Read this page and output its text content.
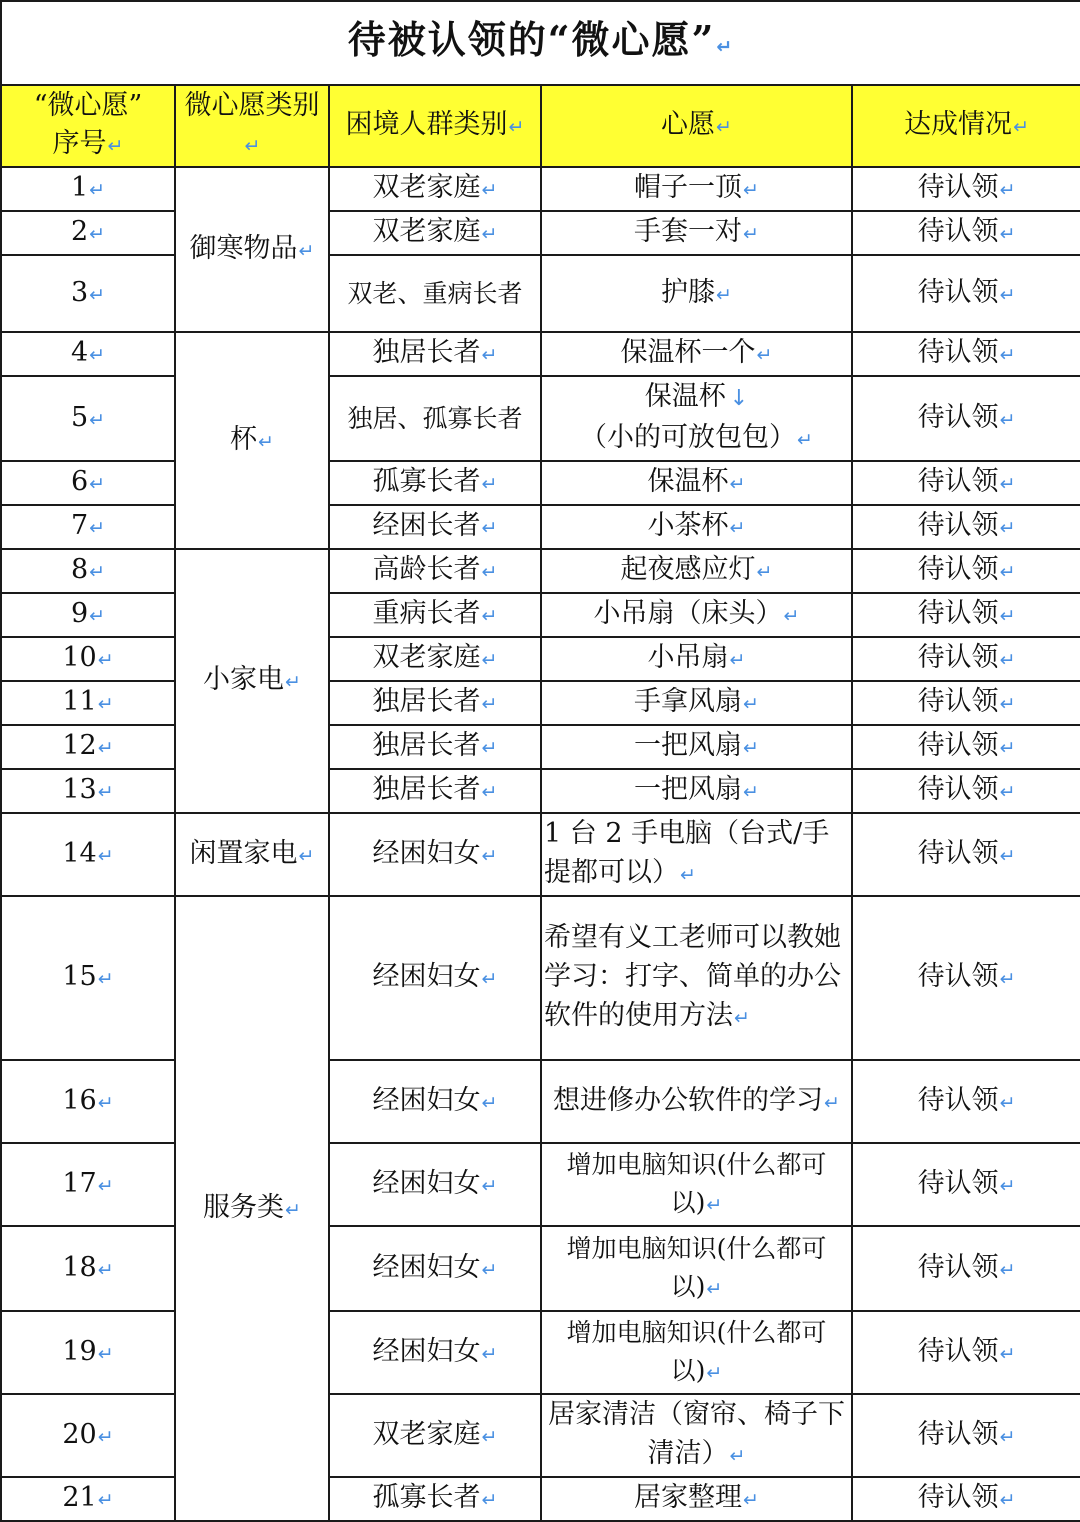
待被认领的“微心愿” ↵
“微心愿”
序号 ↵	微心愿类别 ↵	困境人群类别 ↵	心愿 ↵	达成情况 ↵
1 ↵	御寒物品 ↵	双老家庭 ↵	帽子一顶 ↵	待认领 ↵
2 ↵		双老家庭 ↵	手套一对 ↵	待认领 ↵
3 ↵		双老、重病长者	护膝 ↵	待认领 ↵
4 ↵	杯 ↵	独居长者 ↵	保温杯一个 ↵	待认领 ↵
5 ↵		独居、孤寡长者	保温杯 ↓
（小的可放包包） ↵	待认领 ↵
6 ↵		孤寡长者 ↵	保温杯 ↵	待认领 ↵
7 ↵		经困长者 ↵	小茶杯 ↵	待认领 ↵
8 ↵	小家电 ↵	高龄长者 ↵	起夜感应灯 ↵	待认领 ↵
9 ↵		重病长者 ↵	小吊扇（床头） ↵	待认领 ↵
10 ↵		双老家庭 ↵	小吊扇 ↵	待认领 ↵
11 ↵		独居长者 ↵	手拿风扇 ↵	待认领 ↵
12 ↵		独居长者 ↵	一把风扇 ↵	待认领 ↵
13 ↵		独居长者 ↵	一把风扇 ↵	待认领 ↵
14 ↵	闲置家电 ↵	经困妇女 ↵	1 台 2 手电脑（台式/手提都可以） ↵	待认领 ↵
15 ↵	服务类 ↵	经困妇女 ↵	希望有义工老师可以教她学习：打字、简单的办公软件的使用方法 ↵	待认领 ↵
16 ↵		经困妇女 ↵	想进修办公软件的学习 ↵	待认领 ↵
17 ↵		经困妇女 ↵	增加电脑知识(什么都可以) ↵	待认领 ↵
18 ↵		经困妇女 ↵	增加电脑知识(什么都可以) ↵	待认领 ↵
19 ↵		经困妇女 ↵	增加电脑知识(什么都可以) ↵	待认领 ↵
20 ↵		双老家庭 ↵	居家清洁（窗帘、椅子下清洁） ↵	待认领 ↵
21 ↵		孤寡长者 ↵	居家整理 ↵	待认领 ↵
